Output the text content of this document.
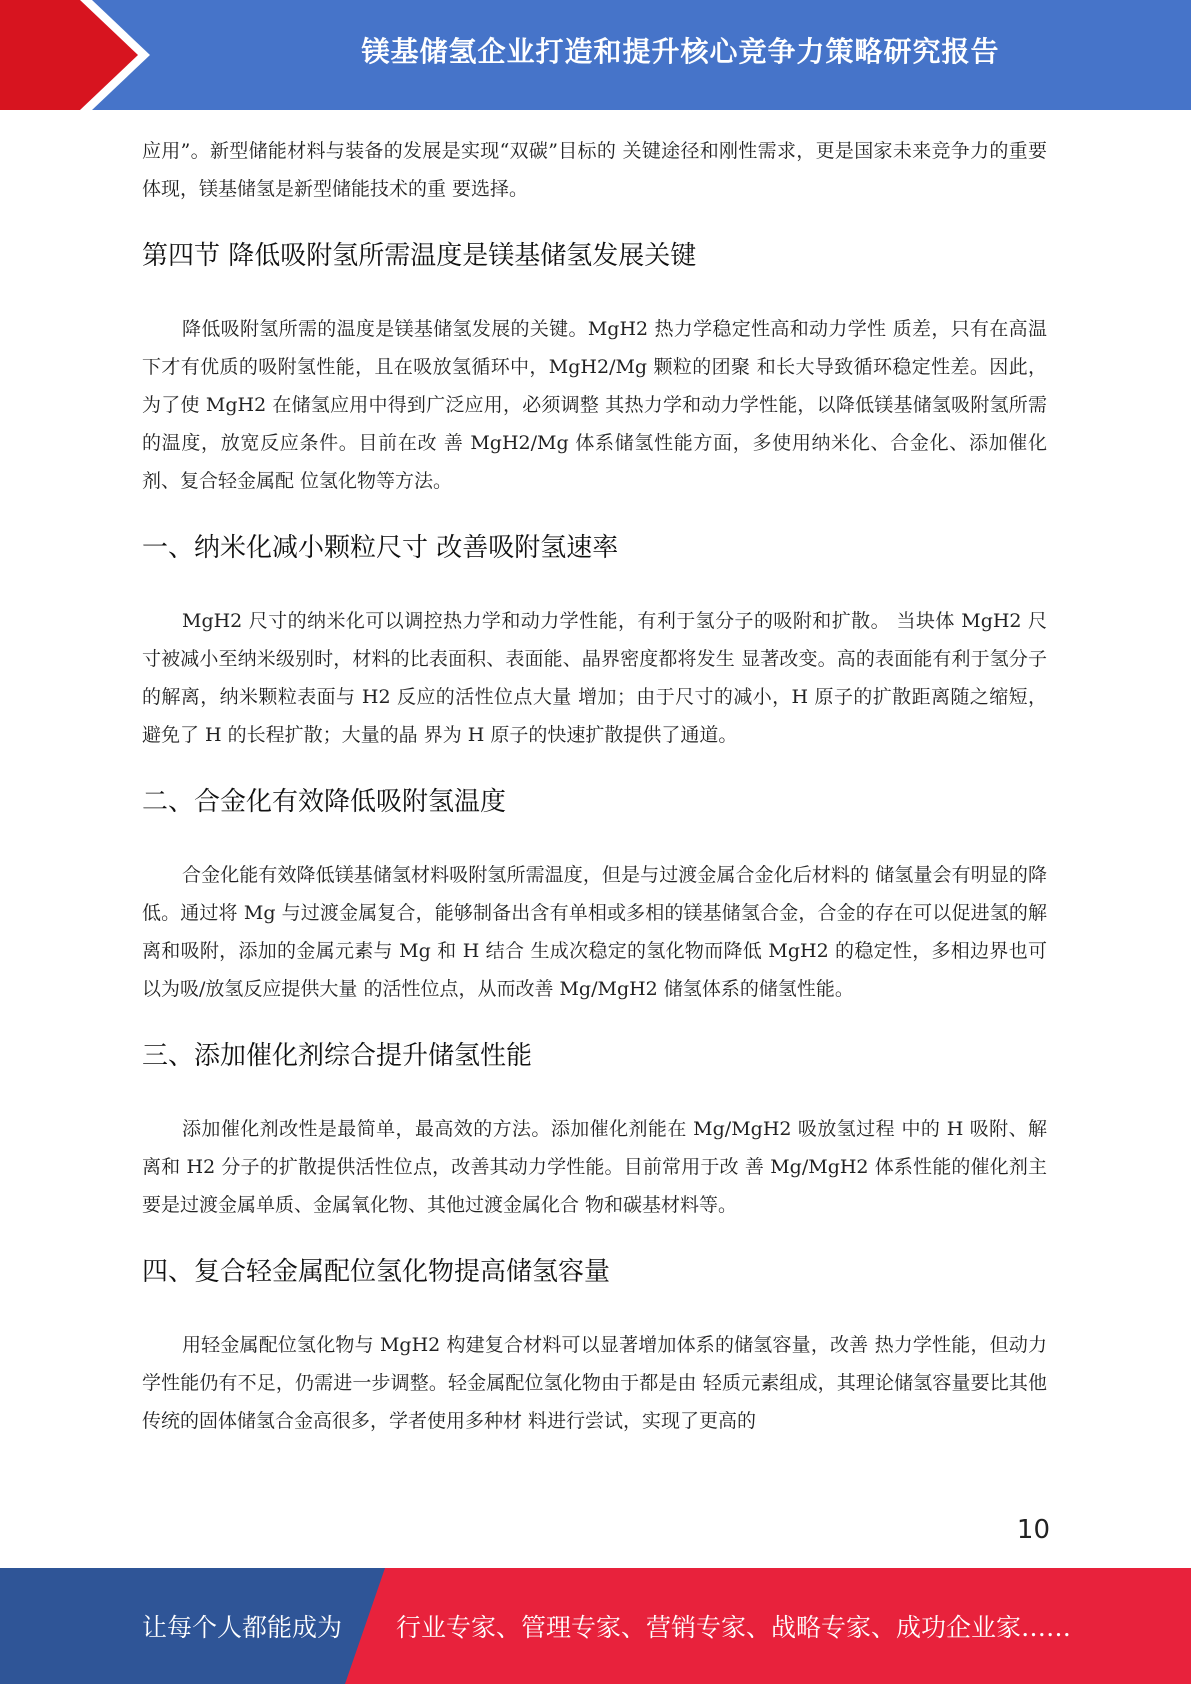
镁基储氢企业打造和提升核心竞争力策略研究报告

应用”。新型储能材料与装备的发展是实现“双碳”目标的 关键途径和刚性需求，更是国家未来竞争力的重要体现，镁基储氢是新型储能技术的重 要选择。

第四节 降低吸附氢所需温度是镁基储氢发展关键

降低吸附氢所需的温度是镁基储氢发展的关键。MgH2 热力学稳定性高和动力学性 质差，只有在高温下才有优质的吸附氢性能，且在吸放氢循环中，MgH2/Mg 颗粒的团聚 和长大导致循环稳定性差。因此，为了使 MgH2 在储氢应用中得到广泛应用，必须调整 其热力学和动力学性能，以降低镁基储氢吸附氢所需的温度，放宽反应条件。目前在改 善 MgH2/Mg 体系储氢性能方面，多使用纳米化、合金化、添加催化剂、复合轻金属配 位氢化物等方法。

一、纳米化减小颗粒尺寸 改善吸附氢速率

MgH2 尺寸的纳米化可以调控热力学和动力学性能，有利于氢分子的吸附和扩散。 当块体 MgH2 尺寸被减小至纳米级别时，材料的比表面积、表面能、晶界密度都将发生 显著改变。高的表面能有利于氢分子的解离，纳米颗粒表面与 H2 反应的活性位点大量 增加；由于尺寸的减小，H 原子的扩散距离随之缩短，避免了 H 的长程扩散；大量的晶 界为 H 原子的快速扩散提供了通道。

二、合金化有效降低吸附氢温度

合金化能有效降低镁基储氢材料吸附氢所需温度，但是与过渡金属合金化后材料的 储氢量会有明显的降低。通过将 Mg 与过渡金属复合，能够制备出含有单相或多相的镁基储氢合金，合金的存在可以促进氢的解离和吸附，添加的金属元素与 Mg 和 H 结合 生成次稳定的氢化物而降低 MgH2 的稳定性，多相边界也可以为吸/放氢反应提供大量 的活性位点，从而改善 Mg/MgH2 储氢体系的储氢性能。

三、添加催化剂综合提升储氢性能

添加催化剂改性是最简单，最高效的方法。添加催化剂能在 Mg/MgH2 吸放氢过程 中的 H 吸附、解离和 H2 分子的扩散提供活性位点，改善其动力学性能。目前常用于改 善 Mg/MgH2 体系性能的催化剂主要是过渡金属单质、金属氧化物、其他过渡金属化合 物和碳基材料等。

四、复合轻金属配位氢化物提高储氢容量

用轻金属配位氢化物与 MgH2 构建复合材料可以显著增加体系的储氢容量，改善 热力学性能，但动力学性能仍有不足，仍需进一步调整。轻金属配位氢化物由于都是由 轻质元素组成，其理论储氢容量要比其他传统的固体储氢合金高很多，学者使用多种材 料进行尝试，实现了更高的

10
让每个人都能成为 行业专家、管理专家、营销专家、战略专家、成功企业家……
